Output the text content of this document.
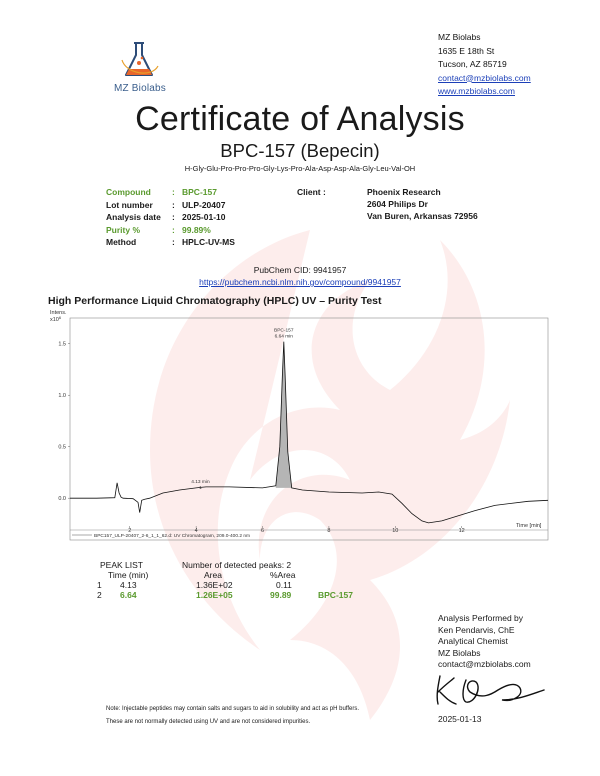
MZ Biolabs
MZ Biolabs
1635 E 18th St
Tucson, AZ 85719
contact@mzbiolabs.com
www.mzbiolabs.com
Certificate of Analysis
BPC-157 (Bepecin)
H-Gly-Glu-Pro-Pro-Pro-Gly-Lys-Pro-Ala-Asp-Asp-Ala-Gly-Leu-Val-OH
Compound	: BPC-157
Lot number	: ULP-20407
Analysis date	: 2025-01-10
Purity %	: 99.89%
Method	: HPLC-UV-MS
Client :	Phoenix Research
2604 Philips Dr
Van Buren, Arkansas 72956
PubChem CID: 9941957
https://pubchem.ncbi.nlm.nih.gov/compound/9941957
High Performance Liquid Chromatography (HPLC) UV – Purity Test
Intens.
$x10^6$
0.0
0.5
1.0
1.5
2	4	6	8	10	12
Time [min]
BPC-157
6.64 min
4.13 min
1
BPC157_ULP-20407_2-6_1_1_62.d: UV Chromatogram, 209.0-400.2 nm
PEAK LIST	Number of detected peaks: 2
Time (min)	Area	%Area
1 4.13	1.36E+02	0.11
2 6.64	1.26E+05	99.89	BPC-157
Analysis Performed by
Ken Pendarvis, ChE
Analytical Chemist
MZ Biolabs
contact@mzbiolabs.com
2025-01-13
Note: Injectable peptides may contain salts and sugars to aid in solubility and act as pH buffers.
These are not normally detected using UV and are not considered impurities.
